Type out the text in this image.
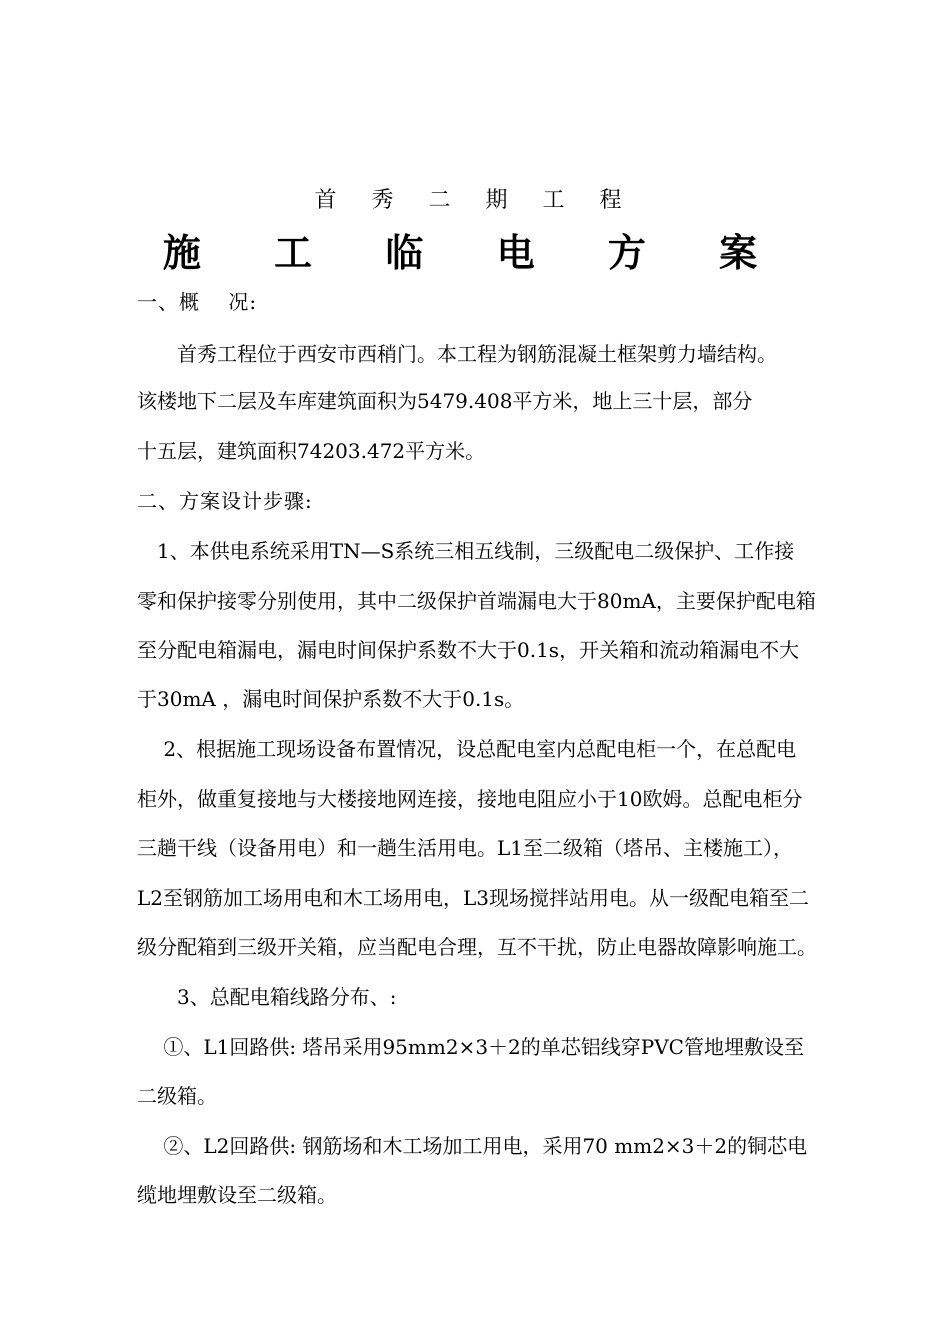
首 秀 二 期 工 程
施 工 临 电 方 案
一、概　 况:
　　首秀工程位于西安市西稍门。本工程为钢筋混凝土框架剪力墙结构。
该楼地下二层及车库建筑面积为5479.408平方米，地上三十层，部分
十五层，建筑面积74203.472平方米。
二、方案设计步骤:
　1、本供电系统采用TN—S系统三相五线制，三级配电二级保护、工作接
零和保护接零分别使用，其中二级保护首端漏电大于80mA，主要保护配电箱
至分配电箱漏电，漏电时间保护系数不大于0.1s，开关箱和流动箱漏电不大
于30mA ，漏电时间保护系数不大于0.1s。
　 2、根据施工现场设备布置情况，设总配电室内总配电柜一个，在总配电
柜外，做重复接地与大楼接地网连接，接地电阻应小于10欧姆。总配电柜分
三趟干线（设备用电）和一趟生活用电。L1至二级箱（塔吊、主楼施工），
L2至钢筋加工场用电和木工场用电，L3现场搅拌站用电。从一级配电箱至二
级分配箱到三级开关箱，应当配电合理，互不干扰，防止电器故障影响施工。
　　3、总配电箱线路分布、:
　 ①、L1回路供: 塔吊采用95mm2×3＋2的单芯铝线穿PVC管地埋敷设至
二级箱。
　 ②、L2回路供: 钢筋场和木工场加工用电，采用70 mm2×3＋2的铜芯电
缆地埋敷设至二级箱。
